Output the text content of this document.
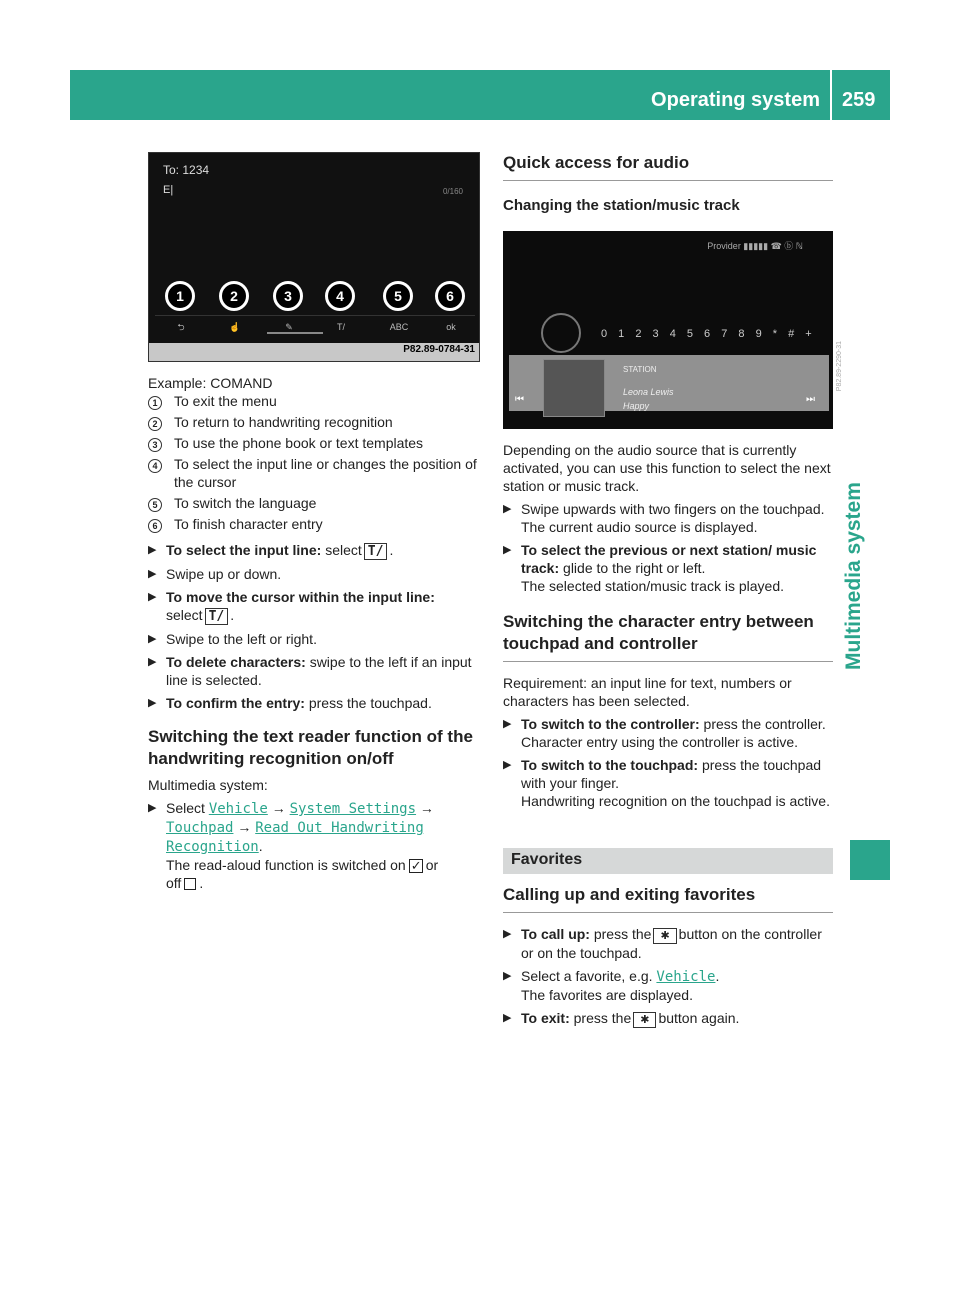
Operating system 259
Multimedia system
To: 1234
E|	0/160
1	2	3	4	5	6
⮌	☝	✎	T/	ABC	ok
P82.89-0784-31

Example: COMAND

1	To exit the menu
2	To return to handwriting recognition
3	To use the phone book or text templates
4	To select the input line or changes the position of the cursor
5	To switch the language
6	To finish character entry
▶ To select the input line: select T/ .
▶ Swipe up or down.
▶ To move the cursor within the input line:
select T/ .
▶ Swipe to the left or right.
▶ To delete characters: swipe to the left if an input line is selected.
▶ To confirm the entry: press the touchpad.
Switching the text reader function of the handwriting recognition on/off

Multimedia system:

▶ Select Vehicle → System Settings → Touchpad → Read Out Handwriting Recognition.
The read-aloud function is switched on✓ or
off .
Quick access for audio
Changing the station/music track
Provider ▮▮▮▮▮ ☎ ⓑ ℕ
0 1 2 3 4 5 6 7 8 9 * # +
STATION
Leona Lewis
Happy
⏮	⏭
P82.89-2290-31

Depending on the audio source that is currently activated, you can use this function to select the next station or music track.

▶ Swipe upwards with two fingers on the touchpad.
The current audio source is displayed.
▶ To select the previous or next station/ music track: glide to the right or left.
The selected station/music track is played.
Switching the character entry between touchpad and controller

Requirement: an input line for text, numbers or characters has been selected.

▶ To switch to the controller: press the controller.
Character entry using the controller is active.
▶ To switch to the touchpad: press the touchpad with your finger.
Handwriting recognition on the touchpad is active.
Favorites
Calling up and exiting favorites
▶ To call up: press the ✱ button on the controller or on the touchpad.
▶ Select a favorite, e.g. Vehicle.
The favorites are displayed.
▶ To exit: press the ✱ button again.
